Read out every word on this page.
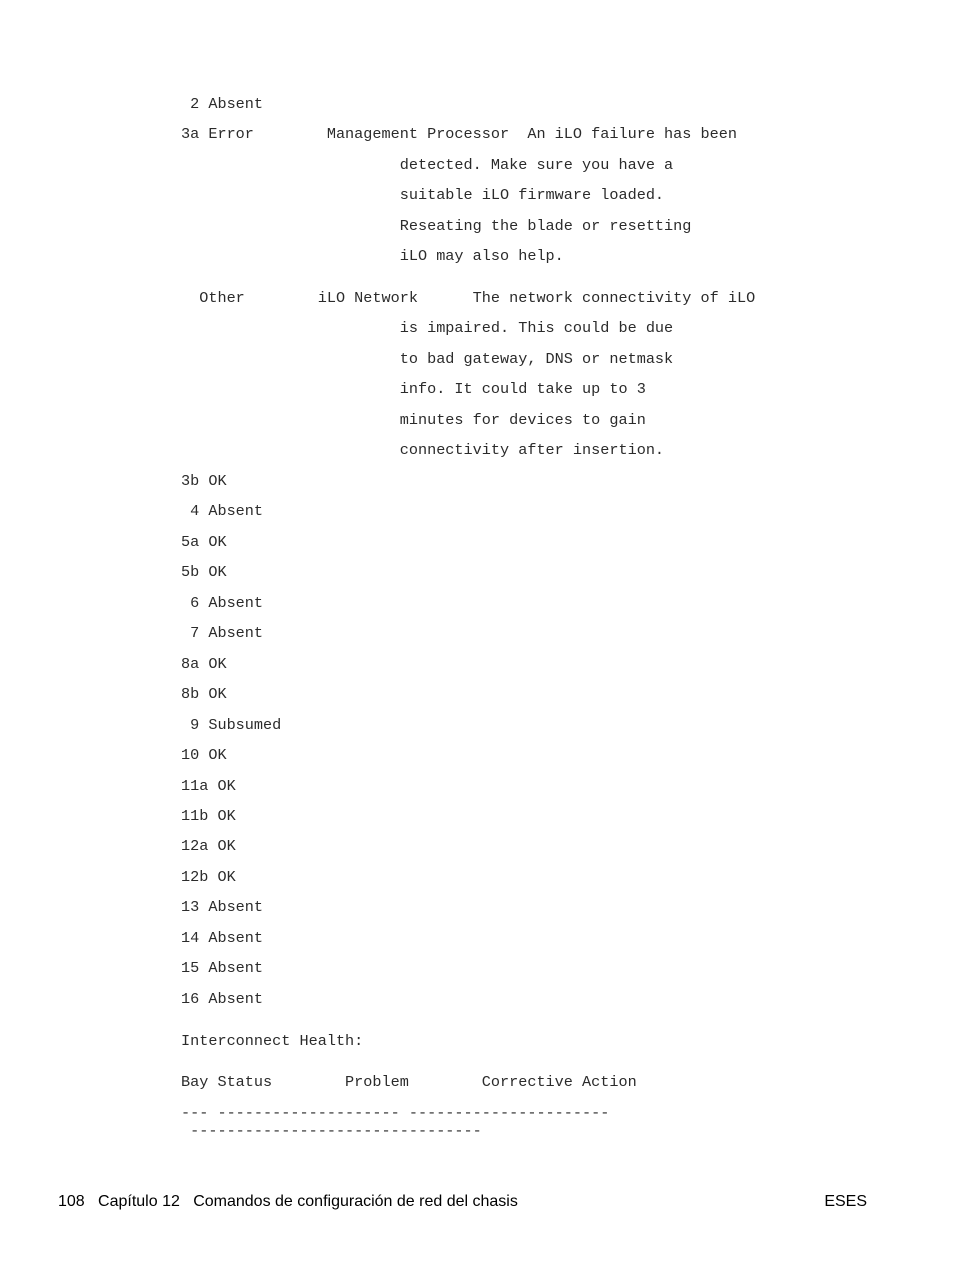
2 Absent

3a Error        Management Processor  An iLO failure has been

detected. Make sure you have a

suitable iLO firmware loaded.

Reseating the blade or resetting

iLO may also help.

Other        iLO Network      The network connectivity of iLO

is impaired. This could be due

to bad gateway, DNS or netmask

info. It could take up to 3

minutes for devices to gain

connectivity after insertion.

3b OK

4 Absent

5a OK

5b OK

6 Absent

7 Absent

8a OK

8b OK

9 Subsumed

10 OK

11a OK

11b OK

12a OK

12b OK

13 Absent

14 Absent

15 Absent

16 Absent

Interconnect Health:

Bay Status        Problem        Corrective Action

--- -------------------- ----------------------

--------------------------------

108   Capítulo 12   Comandos de configuración de red del chasis	ESES
